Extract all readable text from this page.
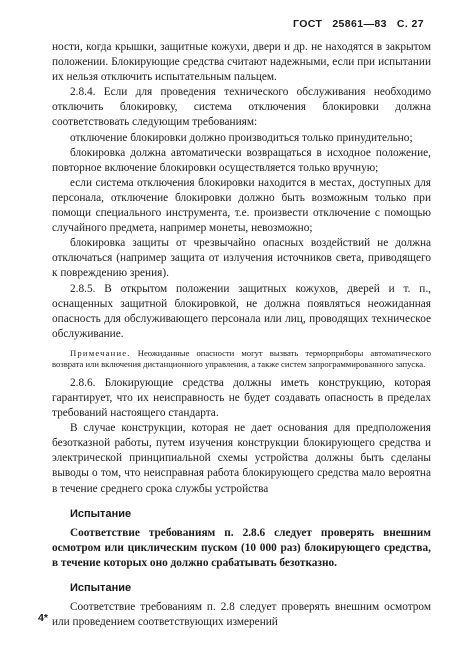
ГОСТ 25861—83 С. 27

ности, когда крышки, защитные кожухи, двери и др. не находятся в закрытом положении. Блокирующие средства считают надежными, если при испытании их нельзя отключить испытательным пальцем.

2.8.4. Если для проведения технического обслуживания необходимо отключить блокировку, система отключения блокировки должна соответствовать следующим требованиям:

отключение блокировки должно производиться только принудительно;

блокировка должна автоматически возвращаться в исходное положение, повторное включение блокировки осуществляется только вручную;

если система отключения блокировки находится в местах, доступных для персонала, отключение блокировки должно быть возможным только при помощи специального инструмента, т.е. произвести отключение с помощью случайного предмета, например монеты, невозможно;

блокировка защиты от чрезвычайно опасных воздействий не должна отключаться (например защита от излучения источников света, приводящего к повреждению зрения).

2.8.5. В открытом положении защитных кожухов, дверей и т. п., оснащенных защитной блокировкой, не должна появляться неожиданная опасность для обслуживающего персонала или лиц, проводящих техническое обслуживание.

Примечание. Неожиданные опасности могут вызвать терморприборы автоматического возврата или включения дистанционного управления, а также систем запрограммированного запуска.

2.8.6. Блокирующие средства должны иметь конструкцию, которая гарантирует, что их неисправность не будет создавать опасность в пределах требований настоящего стандарта.

В случае конструкции, которая не дает основания для предположения безотказной работы, путем изучения конструкции блокирующего средства и электрической принципиальной схемы устройства должны быть сделаны выводы о том, что неисправная работа блокирующего средства мало вероятна в течение среднего срока службы устройства

Испытание

Соответствие требованиям п. 2.8.6 следует проверять внешним осмотром или циклическим пуском (10 000 раз) блокирующего средства, в течение которых оно должно срабатывать безотказно.

Испытание

Соответствие требованиям п. 2.8 следует проверять внешним осмотром или проведением соответствующих измерений

4*
